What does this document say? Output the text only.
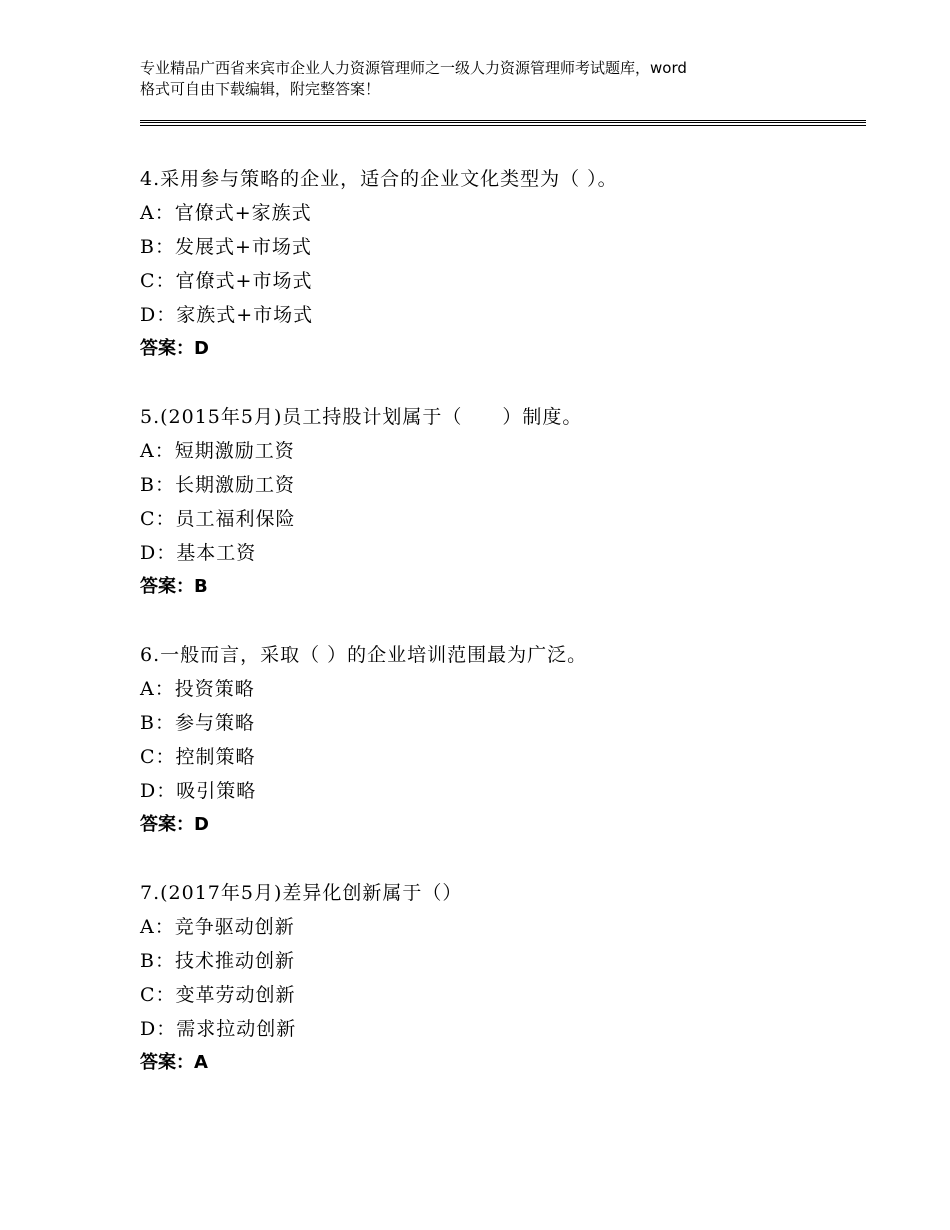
专业精品广西省来宾市企业人力资源管理师之一级人力资源管理师考试题库，word
格式可自由下载编辑，附完整答案！
4.采用参与策略的企业，适合的企业文化类型为（ ）。
A：官僚式+家族式
B：发展式+市场式
C：官僚式+市场式
D：家族式+市场式
答案：D
5.(2015年5月)员工持股计划属于（　　）制度。
A：短期激励工资
B：长期激励工资
C：员工福利保险
D：基本工资
答案：B
6.一般而言，采取（ ）的企业培训范围最为广泛。
A：投资策略
B：参与策略
C：控制策略
D：吸引策略
答案：D
7.(2017年5月)差异化创新属于（）
A：竞争驱动创新
B：技术推动创新
C：变革劳动创新
D：需求拉动创新
答案：A
